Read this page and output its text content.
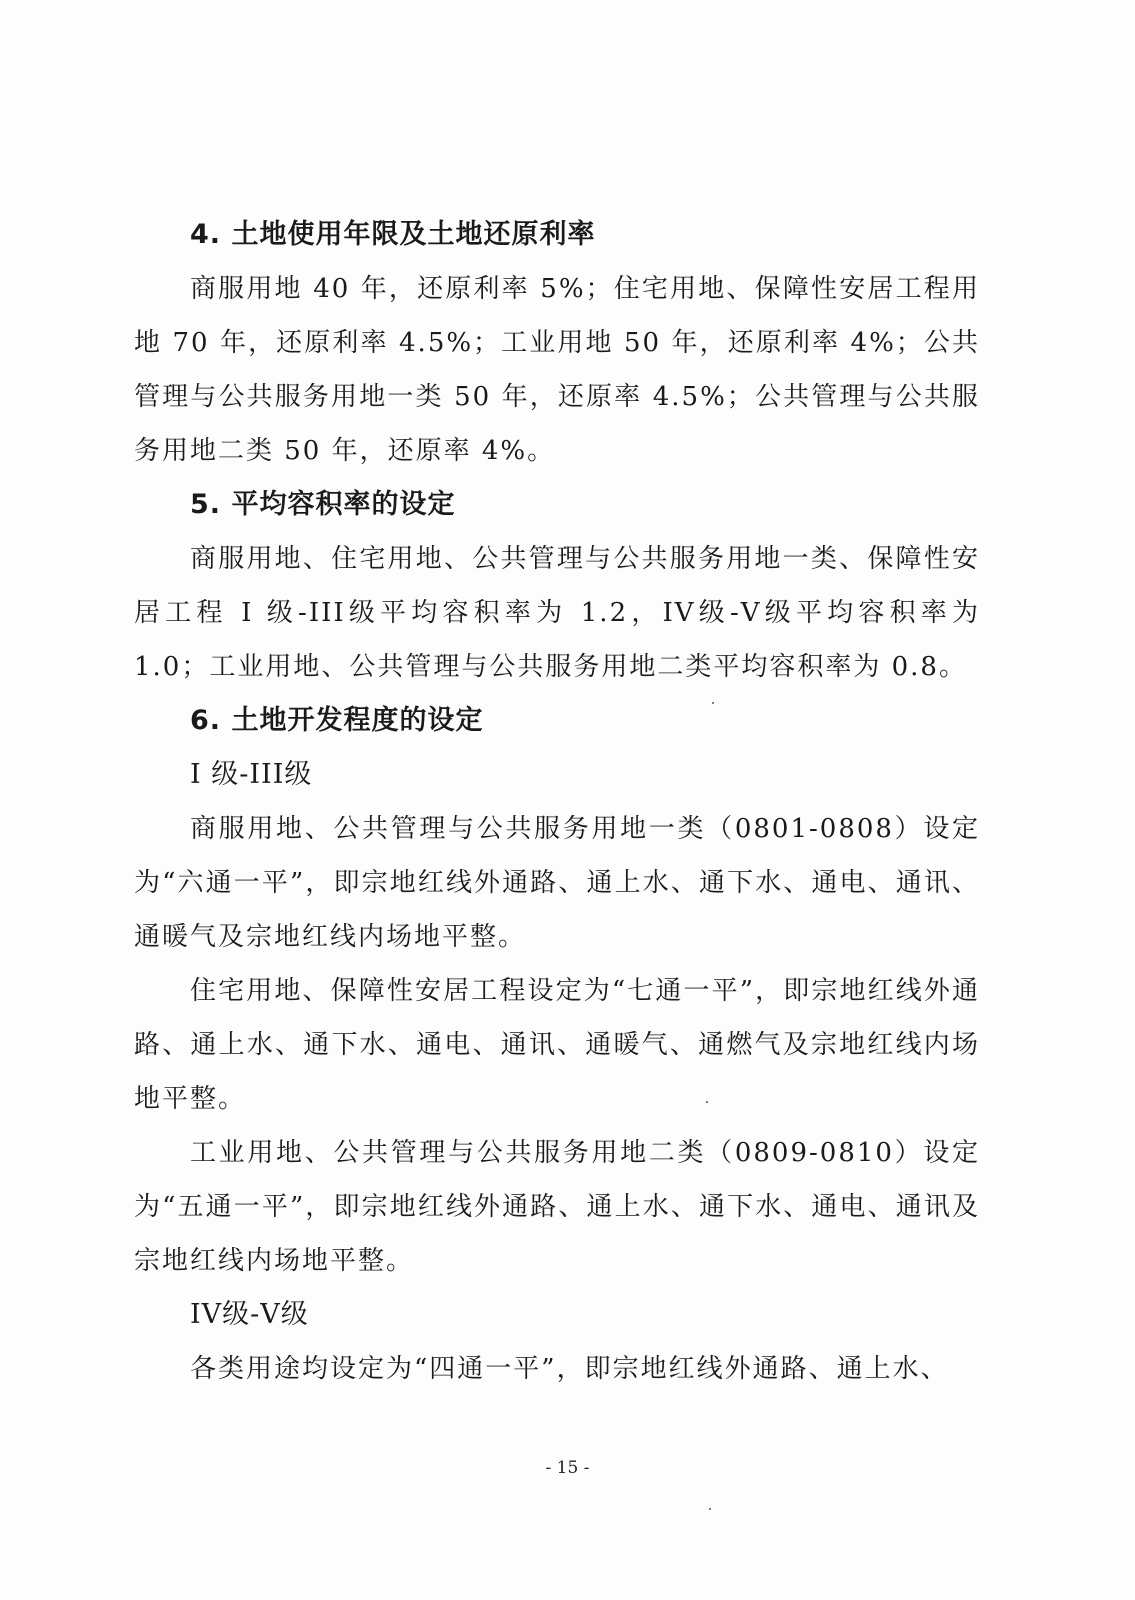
4. 土地使用年限及土地还原利率

商服用地 40 年，还原利率 5%；住宅用地、保障性安居工程用地 70 年，还原利率 4.5%；工业用地 50 年，还原利率 4%；公共管理与公共服务用地一类 50 年，还原率 4.5%；公共管理与公共服务用地二类 50 年，还原率 4%。

5. 平均容积率的设定

商服用地、住宅用地、公共管理与公共服务用地一类、保障性安居工程 I 级-III级平均容积率为 1.2，IV级-V级平均容积率为 1.0；工业用地、公共管理与公共服务用地二类平均容积率为 0.8。

6. 土地开发程度的设定

I 级-III级

商服用地、公共管理与公共服务用地一类（0801-0808）设定为“六通一平”，即宗地红线外通路、通上水、通下水、通电、通讯、通暖气及宗地红线内场地平整。

住宅用地、保障性安居工程设定为“七通一平”，即宗地红线外通路、通上水、通下水、通电、通讯、通暖气、通燃气及宗地红线内场地平整。

工业用地、公共管理与公共服务用地二类（0809-0810）设定为“五通一平”，即宗地红线外通路、通上水、通下水、通电、通讯及宗地红线内场地平整。

IV级-V级

各类用途均设定为“四通一平”，即宗地红线外通路、通上水、

- 15 -
